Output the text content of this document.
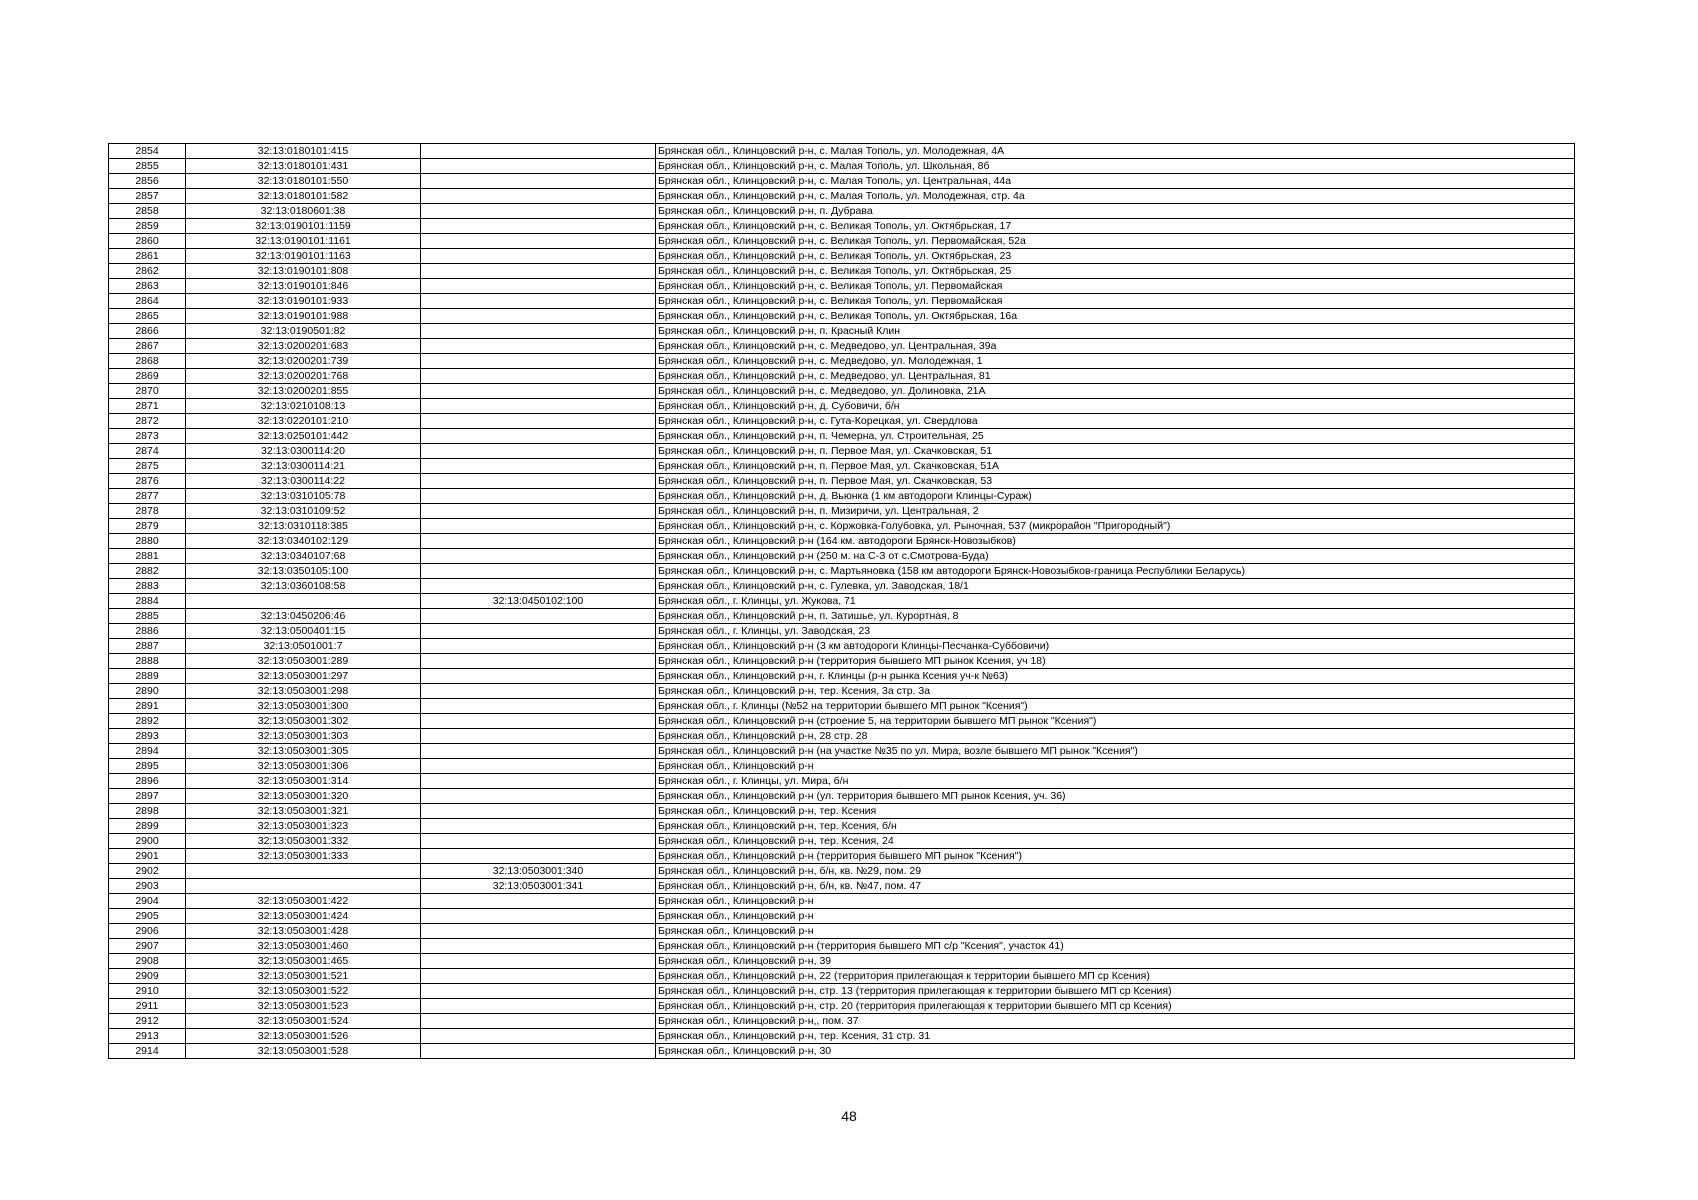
2854	32:13:0180101:415		Брянская обл., Клинцовский р-н, с. Малая Тополь, ул. Молодежная, 4А
2855	32:13:0180101:431		Брянская обл., Клинцовский р-н, с. Малая Тополь, ул. Школьная, 8б
2856	32:13:0180101:550		Брянская обл., Клинцовский р-н, с. Малая Тополь, ул. Центральная, 44а
2857	32:13:0180101:582		Брянская обл., Клинцовский р-н, с. Малая Тополь, ул. Молодежная, стр. 4а
2858	32:13:0180601:38		Брянская обл., Клинцовский р-н, п. Дубрава
2859	32:13:0190101:1159		Брянская обл., Клинцовский р-н, с. Великая Тополь, ул. Октябрьская, 17
2860	32:13:0190101:1161		Брянская обл., Клинцовский р-н, с. Великая Тополь, ул. Первомайская, 52а
2861	32:13:0190101:1163		Брянская обл., Клинцовский р-н, с. Великая Тополь, ул. Октябрьская, 23
2862	32:13:0190101:808		Брянская обл., Клинцовский р-н, с. Великая Тополь, ул. Октябрьская, 25
2863	32:13:0190101:846		Брянская обл., Клинцовский р-н, с. Великая Тополь, ул. Первомайская
2864	32:13:0190101:933		Брянская обл., Клинцовский р-н, с. Великая Тополь, ул. Первомайская
2865	32:13:0190101:988		Брянская обл., Клинцовский р-н, с. Великая Тополь, ул. Октябрьская, 16а
2866	32:13:0190501:82		Брянская обл., Клинцовский р-н, п. Красный Клин
2867	32:13:0200201:683		Брянская обл., Клинцовский р-н, с. Медведово, ул. Центральная, 39а
2868	32:13:0200201:739		Брянская обл., Клинцовский р-н, с. Медведово, ул. Молодежная, 1
2869	32:13:0200201:768		Брянская обл., Клинцовский р-н, с. Медведово, ул. Центральная, 81
2870	32:13:0200201:855		Брянская обл., Клинцовский р-н, с. Медведово, ул. Долиновка, 21А
2871	32:13:0210108:13		Брянская обл., Клинцовский р-н, д. Субовичи, б/н
2872	32:13:0220101:210		Брянская обл., Клинцовский р-н, с. Гута-Корецкая, ул. Свердлова
2873	32:13:0250101:442		Брянская обл., Клинцовский р-н, п. Чемерна, ул. Строительная, 25
2874	32:13:0300114:20		Брянская обл., Клинцовский р-н, п. Первое Мая, ул. Скачковская, 51
2875	32:13:0300114:21		Брянская обл., Клинцовский р-н, п. Первое Мая, ул. Скачковская, 51А
2876	32:13:0300114:22		Брянская обл., Клинцовский р-н, п. Первое Мая, ул. Скачковская, 53
2877	32:13:0310105:78		Брянская обл., Клинцовский р-н, д. Вьюнка (1 км автодороги Клинцы-Сураж)
2878	32:13:0310109:52		Брянская обл., Клинцовский р-н, п. Мизиричи, ул. Центральная, 2
2879	32:13:0310118:385		Брянская обл., Клинцовский р-н, с. Коржовка-Голубовка, ул. Рыночная, 537 (микрорайон "Пригородный")
2880	32:13:0340102:129		Брянская обл., Клинцовский р-н (164 км. автодороги Брянск-Новозыбков)
2881	32:13:0340107:68		Брянская обл., Клинцовский р-н (250 м. на С-З от с.Смотрова-Буда)
2882	32:13:0350105:100		Брянская обл., Клинцовский р-н, с. Мартьяновка (158 км автодороги Брянск-Новозыбков-граница Республики Беларусь)
2883	32:13:0360108:58		Брянская обл., Клинцовский р-н, с. Гулевка, ул. Заводская, 18/1
2884		32:13:0450102:100	Брянская обл., г. Клинцы, ул. Жукова, 71
2885	32:13:0450206:46		Брянская обл., Клинцовский р-н, п. Затишье, ул. Курортная, 8
2886	32:13:0500401:15		Брянская обл., г. Клинцы, ул. Заводская, 23
2887	32:13:0501001:7		Брянская обл., Клинцовский р-н (3 км автодороги Клинцы-Песчанка-Суббовичи)
2888	32:13:0503001:289		Брянская обл., Клинцовский р-н (территория бывшего МП рынок Ксения, уч 18)
2889	32:13:0503001:297		Брянская обл., Клинцовский р-н, г. Клинцы (р-н рынка Ксения уч-к №63)
2890	32:13:0503001:298		Брянская обл., Клинцовский р-н, тер. Ксения, 3а стр. 3а
2891	32:13:0503001:300		Брянская обл., г. Клинцы (№52 на территории бывшего МП рынок "Ксения")
2892	32:13:0503001:302		Брянская обл., Клинцовский р-н (строение 5, на территории бывшего МП рынок "Ксения")
2893	32:13:0503001:303		Брянская обл., Клинцовский р-н, 28 стр. 28
2894	32:13:0503001:305		Брянская обл., Клинцовский р-н (на участке №35 по ул. Мира, возле бывшего МП рынок "Ксения")
2895	32:13:0503001:306		Брянская обл., Клинцовский р-н
2896	32:13:0503001:314		Брянская обл., г. Клинцы, ул. Мира, б/н
2897	32:13:0503001:320		Брянская обл., Клинцовский р-н (ул. территория бывшего МП рынок Ксения, уч. 36)
2898	32:13:0503001:321		Брянская обл., Клинцовский р-н, тер. Ксения
2899	32:13:0503001:323		Брянская обл., Клинцовский р-н, тер. Ксения, б/н
2900	32:13:0503001:332		Брянская обл., Клинцовский р-н, тер. Ксения, 24
2901	32:13:0503001:333		Брянская обл., Клинцовский р-н (территория бывшего МП рынок "Ксения")
2902		32:13:0503001:340	Брянская обл., Клинцовский р-н, б/н, кв. №29, пом. 29
2903		32:13:0503001:341	Брянская обл., Клинцовский р-н, б/н, кв. №47, пом. 47
2904	32:13:0503001:422		Брянская обл., Клинцовский р-н
2905	32:13:0503001:424		Брянская обл., Клинцовский р-н
2906	32:13:0503001:428		Брянская обл., Клинцовский р-н
2907	32:13:0503001:460		Брянская обл., Клинцовский р-н (территория бывшего МП с/р "Ксения", участок 41)
2908	32:13:0503001:465		Брянская обл., Клинцовский р-н, 39
2909	32:13:0503001:521		Брянская обл., Клинцовский р-н, 22 (территория прилегающая к территории бывшего МП ср Ксения)
2910	32:13:0503001:522		Брянская обл., Клинцовский р-н, стр. 13 (территория прилегающая к территории бывшего МП ср Ксения)
2911	32:13:0503001:523		Брянская обл., Клинцовский р-н, стр. 20 (территория прилегающая к территории бывшего МП ср Ксения)
2912	32:13:0503001:524		Брянская обл., Клинцовский р-н,, пом. 37
2913	32:13:0503001:526		Брянская обл., Клинцовский р-н, тер. Ксения, 31 стр. 31
2914	32:13:0503001:528		Брянская обл., Клинцовский р-н, 30
48
